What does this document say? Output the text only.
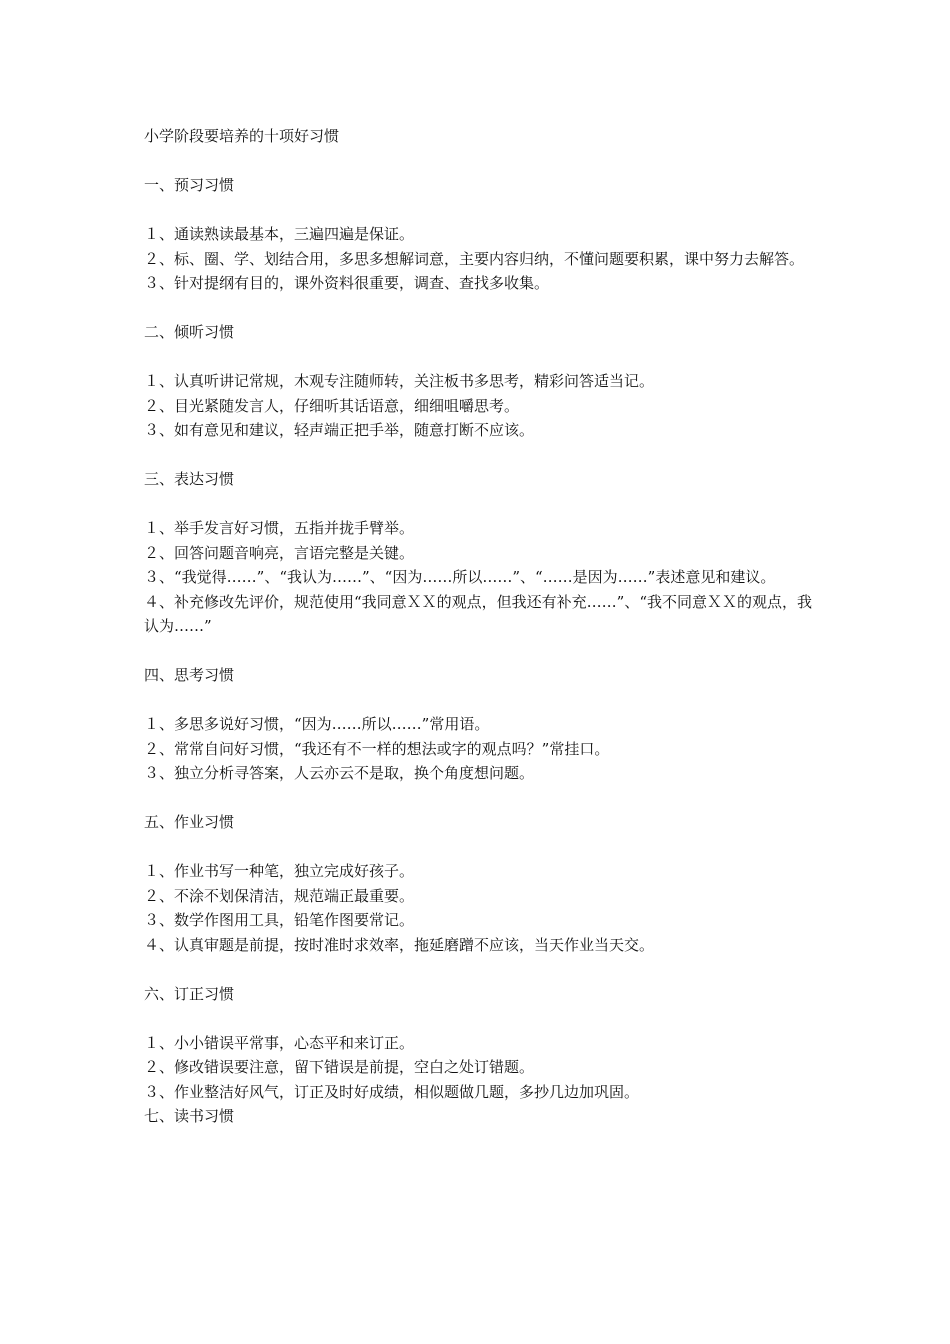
小学阶段要培养的十项好习惯
一、预习习惯
１、通读熟读最基本，三遍四遍是保证。
２、标、圈、学、划结合用，多思多想解词意，主要内容归纳，不懂问题要积累，课中努力去解答。
３、针对提纲有目的，课外资料很重要，调查、查找多收集。
二、倾听习惯
１、认真听讲记常规，木观专注随师转，关注板书多思考，精彩问答适当记。
２、目光紧随发言人，仔细听其话语意，细细咀嚼思考。
３、如有意见和建议，轻声端正把手举，随意打断不应该。
三、表达习惯
１、举手发言好习惯，五指并拢手臂举。
２、回答问题音响亮，言语完整是关键。
３、“我觉得……”、“我认为……”、“因为……所以……”、“……是因为……”表述意见和建议。
４、补充修改先评价，规范使用“我同意ＸＸ的观点，但我还有补充……”、“我不同意ＸＸ的观点，我认为……”
四、思考习惯
１、多思多说好习惯，“因为……所以……”常用语。
２、常常自问好习惯，“我还有不一样的想法或字的观点吗？”常挂口。
３、独立分析寻答案，人云亦云不是取，换个角度想问题。
五、作业习惯
１、作业书写一种笔，独立完成好孩子。
２、不涂不划保清洁，规范端正最重要。
３、数学作图用工具，铅笔作图要常记。
４、认真审题是前提，按时准时求效率，拖延磨蹭不应该，当天作业当天交。
六、订正习惯
１、小小错误平常事，心态平和来订正。
２、修改错误要注意，留下错误是前提，空白之处订错题。
３、作业整洁好风气，订正及时好成绩，相似题做几题，多抄几边加巩固。
七、读书习惯
